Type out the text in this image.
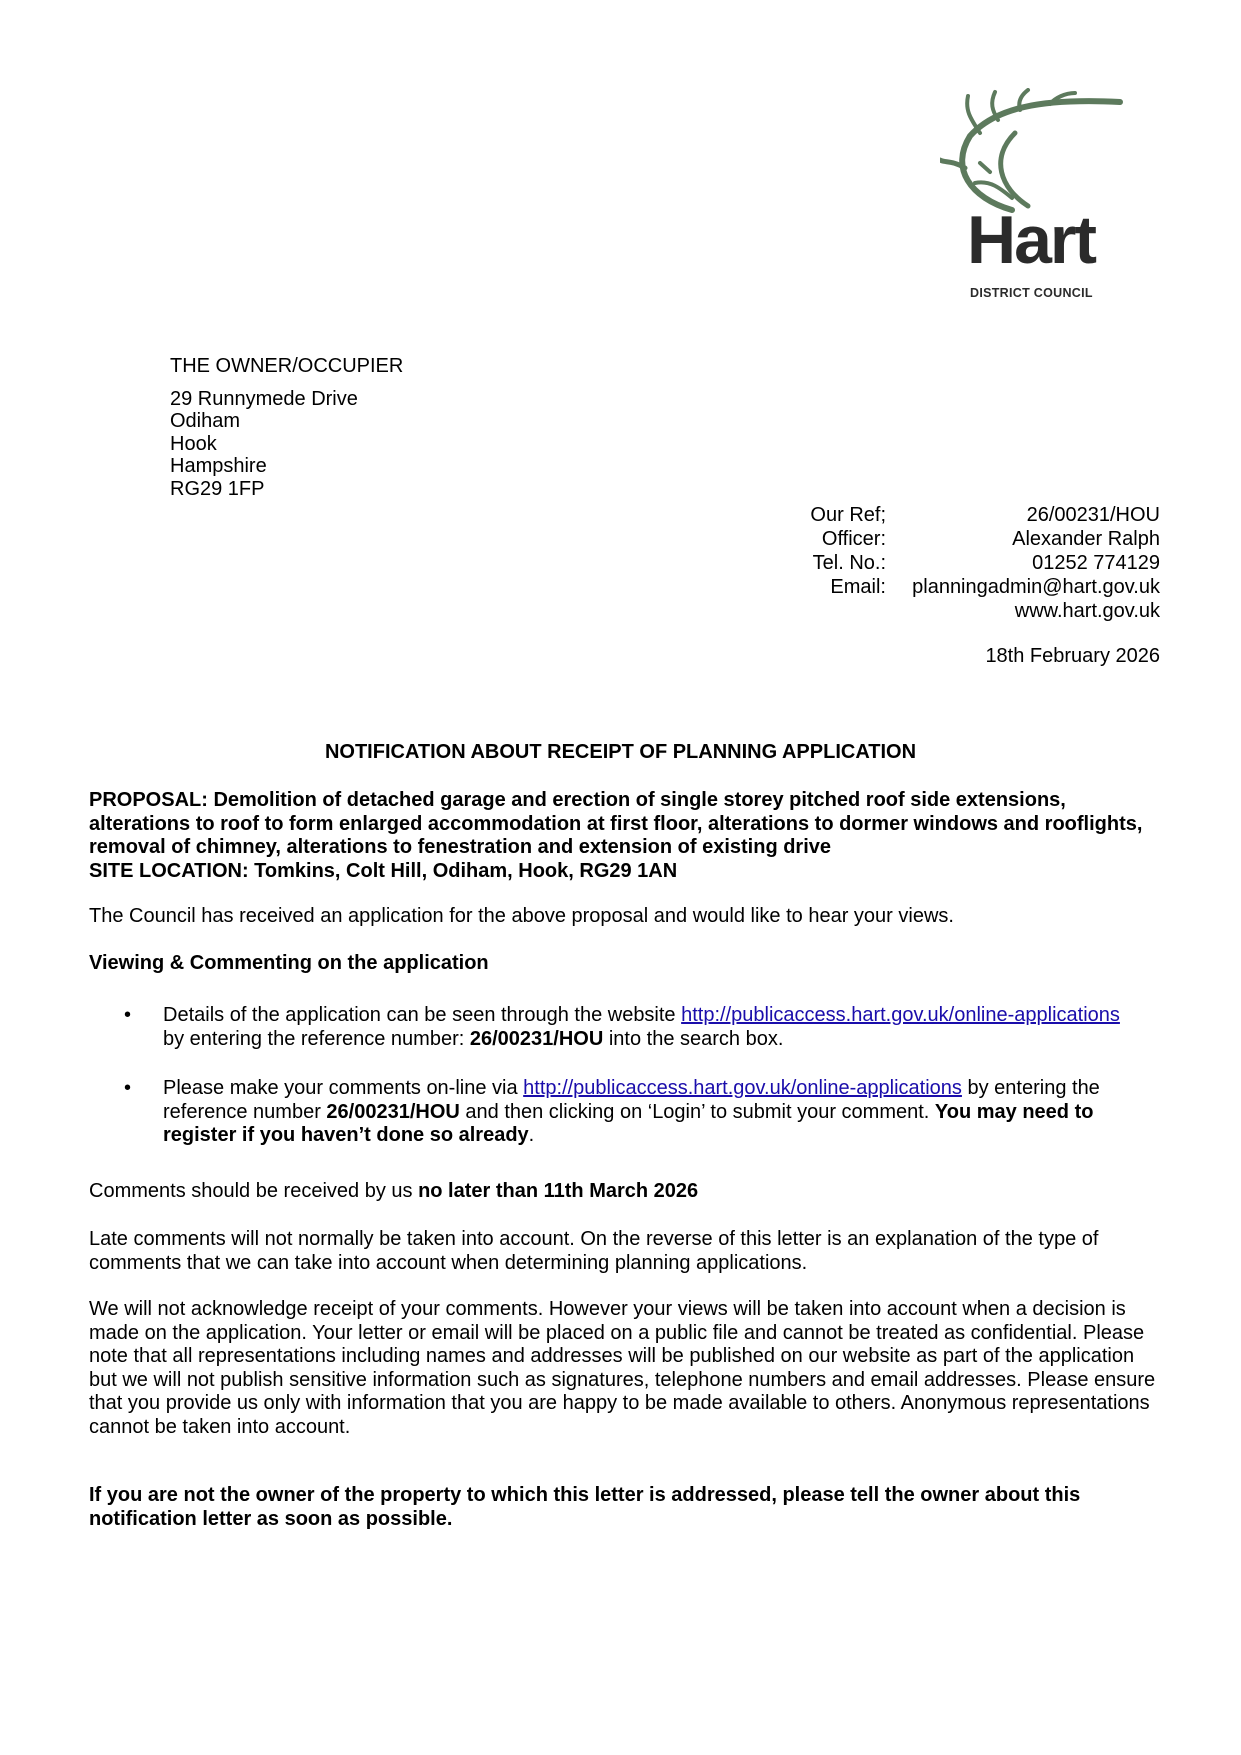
Hart
DISTRICT COUNCIL
THE OWNER/OCCUPIER
29 Runnymede Drive
Odiham
Hook
Hampshire
RG29 1FP
Our Ref;	26/00231/HOU
Officer:	Alexander Ralph
Tel. No.:	01252 774129
Email:	planningadmin@hart.gov.uk
www.hart.gov.uk
18th February 2026
NOTIFICATION ABOUT RECEIPT OF PLANNING APPLICATION
PROPOSAL: Demolition of detached garage and erection of single storey pitched roof side extensions, alterations to roof to form enlarged accommodation at first floor, alterations to dormer windows and rooflights, removal of chimney, alterations to fenestration and extension of existing drive
SITE LOCATION: Tomkins, Colt Hill, Odiham, Hook, RG29 1AN
The Council has received an application for the above proposal and would like to hear your views.
Viewing & Commenting on the application
•	Details of the application can be seen through the website http://publicaccess.hart.gov.uk/online-applications by entering the reference number: 26/00231/HOU into the search box.
•	Please make your comments on-line via http://publicaccess.hart.gov.uk/online-applications by entering the reference number 26/00231/HOU and then clicking on ‘Login’ to submit your comment. You may need to register if you haven’t done so already.
Comments should be received by us no later than 11th March 2026
Late comments will not normally be taken into account. On the reverse of this letter is an explanation of the type of comments that we can take into account when determining planning applications.
We will not acknowledge receipt of your comments. However your views will be taken into account when a decision is made on the application. Your letter or email will be placed on a public file and cannot be treated as confidential. Please note that all representations including names and addresses will be published on our website as part of the application but we will not publish sensitive information such as signatures, telephone numbers and email addresses. Please ensure that you provide us only with information that you are happy to be made available to others. Anonymous representations cannot be taken into account.
If you are not the owner of the property to which this letter is addressed, please tell the owner about this notification letter as soon as possible.
